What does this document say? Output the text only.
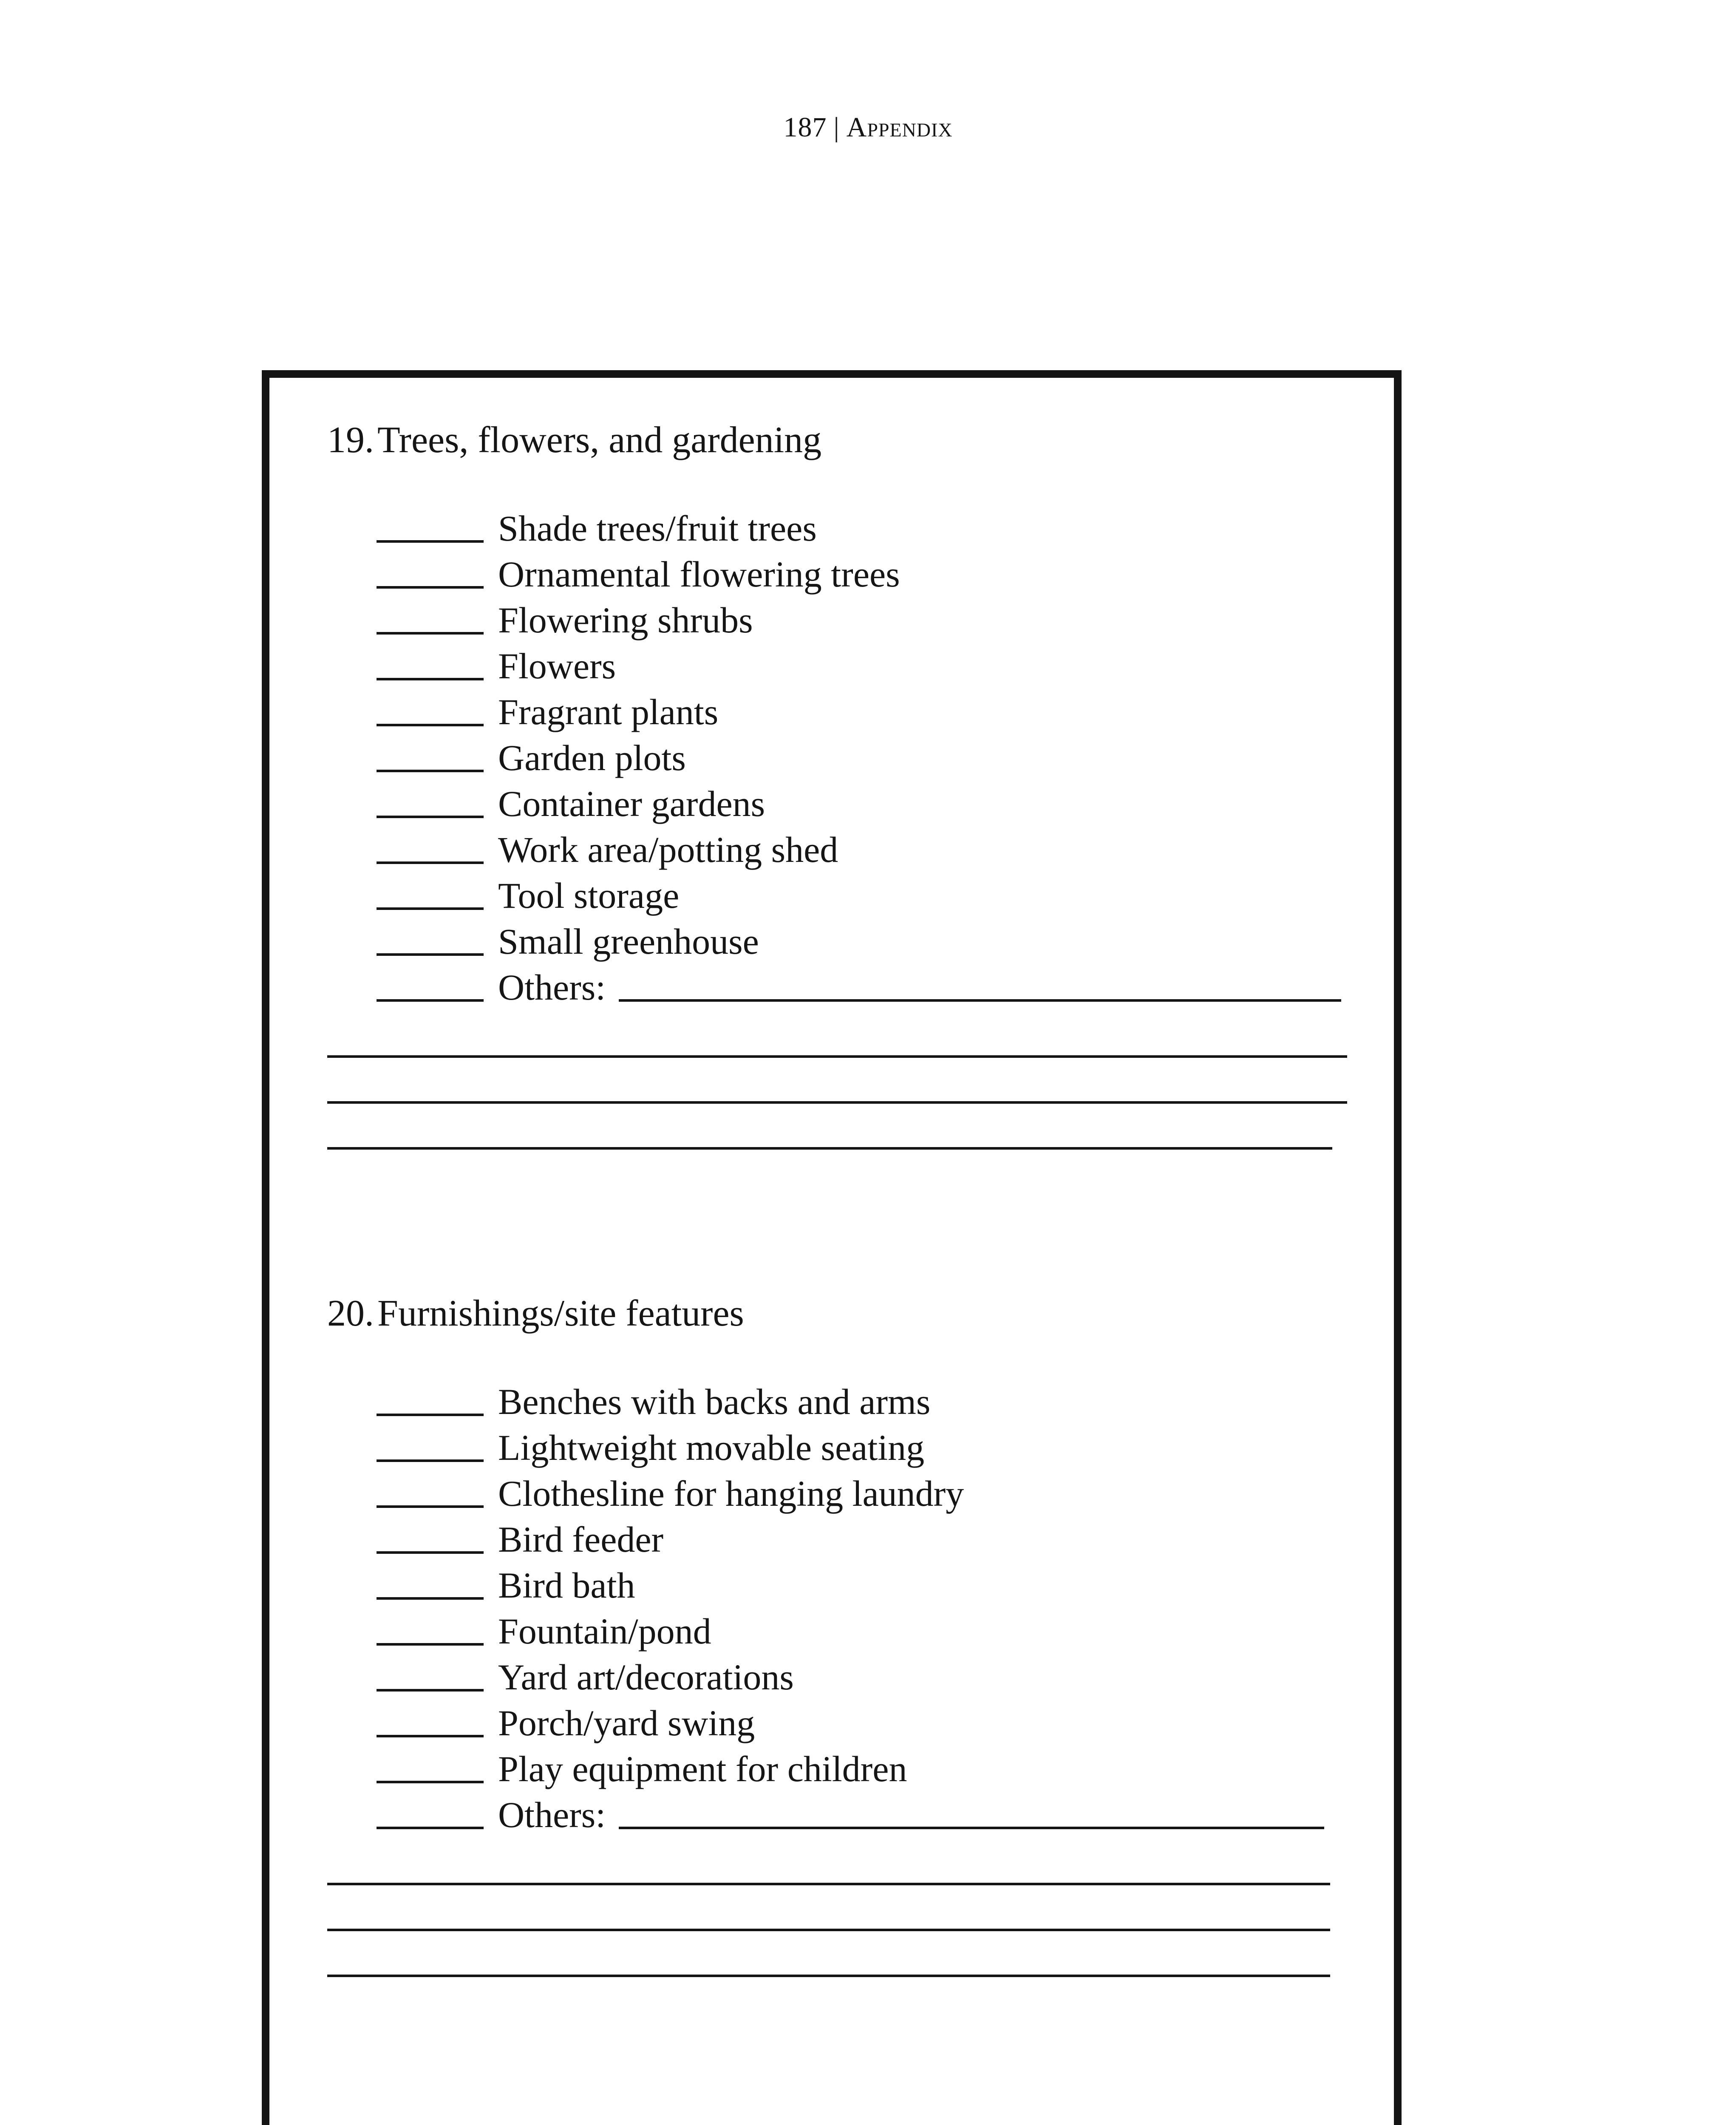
187 | Appendix
19.Trees, flowers, and gardening
Shade trees/fruit trees
Ornamental flowering trees
Flowering shrubs
Flowers
Fragrant plants
Garden plots
Container gardens
Work area/potting shed
Tool storage
Small greenhouse
Others:
20.Furnishings/site features
Benches with backs and arms
Lightweight movable seating
Clothesline for hanging laundry
Bird feeder
Bird bath
Fountain/pond
Yard art/decorations
Porch/yard swing
Play equipment for children
Others:
